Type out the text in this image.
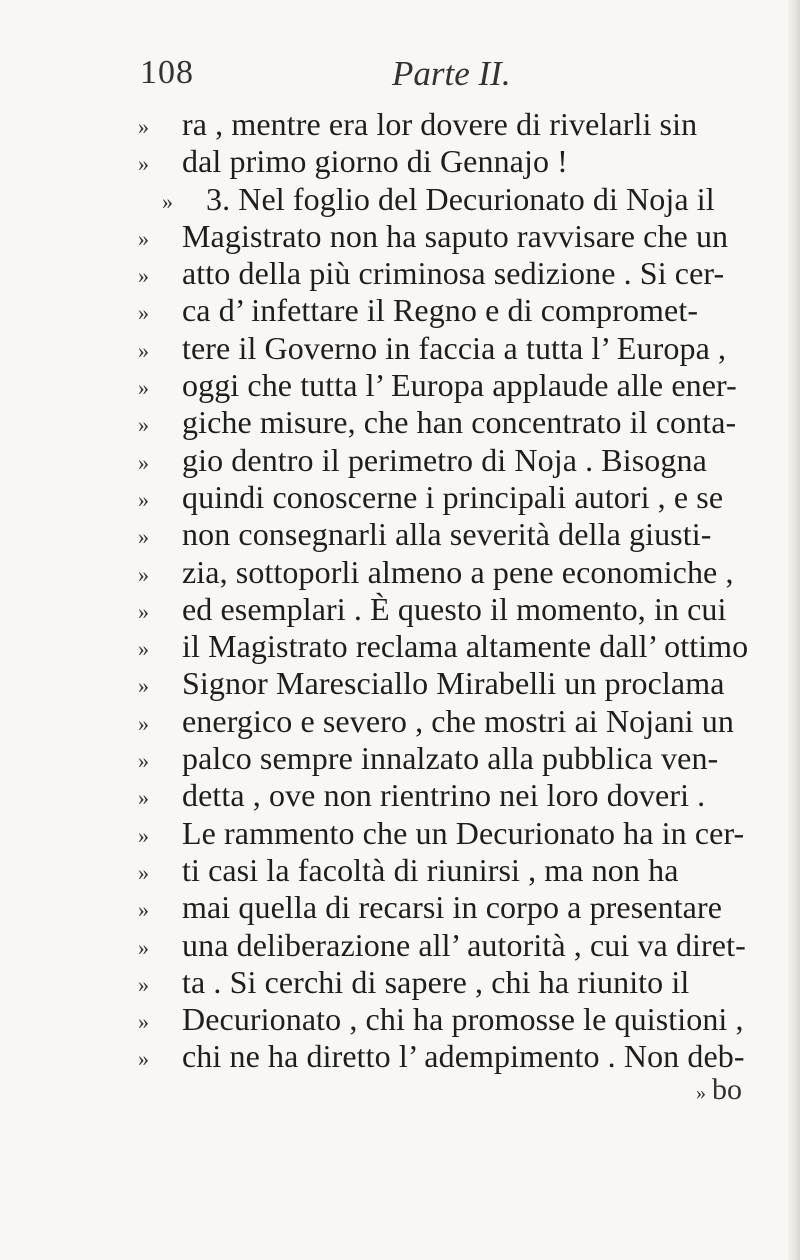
108	Parte II.
» ra , mentre era lor dovere di rivelarli sin
» dal primo giorno di Gennajo !
» 3. Nel foglio del Decurionato di Noja il
» Magistrato non ha saputo ravvisare che un
» atto della più criminosa sedizione . Si cer-
» ca d’ infettare il Regno e di compromet-
» tere il Governo in faccia a tutta l’ Europa ,
» oggi che tutta l’ Europa applaude alle ener-
» giche misure, che han concentrato il conta-
» gio dentro il perimetro di Noja . Bisogna
» quindi conoscerne i principali autori , e se
» non consegnarli alla severità della giusti-
» zia, sottoporli almeno a pene economiche ,
» ed esemplari . È questo il momento, in cui
» il Magistrato reclama altamente dall’ ottimo
» Signor Maresciallo Mirabelli un proclama
» energico e severo , che mostri ai Nojani un
» palco sempre innalzato alla pubblica ven-
» detta , ove non rientrino nei loro doveri .
» Le rammento che un Decurionato ha in cer-
» ti casi la facoltà di riunirsi , ma non ha
» mai quella di recarsi in corpo a presentare
» una deliberazione all’ autorità , cui va diret-
» ta . Si cerchi di sapere , chi ha riunito il
» Decurionato , chi ha promosse le quistioni ,
» chi ne ha diretto l’ adempimento . Non deb-
» bo
